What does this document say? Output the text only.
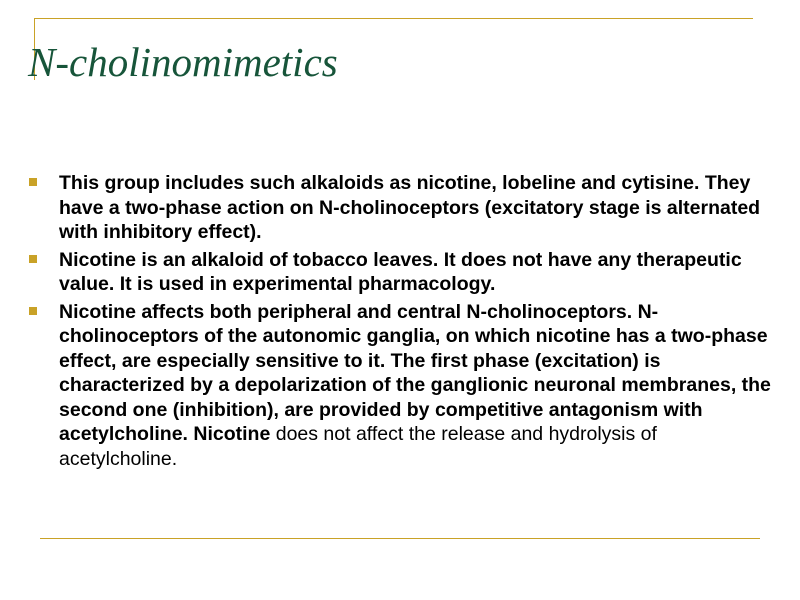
N-cholinomimetics
This group includes such alkaloids as nicotine, lobeline and cytisine. They have a two-phase action on N-cholinoceptors (excitatory stage is alternated with inhibitory effect).
Nicotine is an alkaloid of tobacco leaves. It does not have any therapeutic value. It is used in experimental pharmacology.
Nicotine affects both peripheral and central N-cholinoceptors. N-cholinoceptors of the autonomic ganglia, on which nicotine has a two-phase effect, are especially sensitive to it. The first phase (excitation) is characterized by a depolarization of the ganglionic neuronal membranes, the second one (inhibition), are provided by competitive antagonism with acetylcholine. Nicotine does not affect the release and hydrolysis of acetylcholine.
